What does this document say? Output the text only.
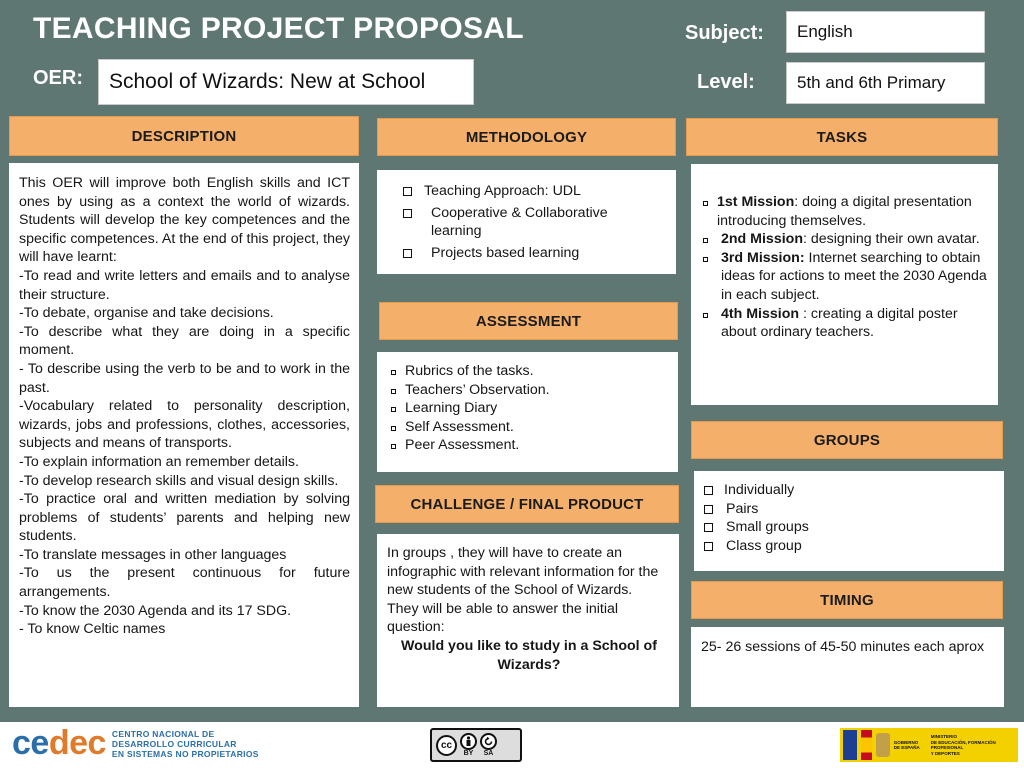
TEACHING PROJECT PROPOSAL
OER:	School of Wizards: New at School
Subject:	English
Level:	5th and 6th Primary
DESCRIPTION

This OER will improve both English skills and ICT ones by using as a context the world of wizards. Students will develop the key competences and the specific competences. At the end of this project, they will have learnt:

-To read and write letters and emails and to analyse their structure.

-To debate, organise and take decisions.

-To describe what they are doing in a specific moment.

- To describe using the verb to be and to work in the past.

-Vocabulary related to personality description, wizards, jobs and professions, clothes, accessories, subjects and means of transports.

-To explain information an remember details.

-To develop research skills and visual design skills.

-To practice oral and written mediation by solving problems of students’ parents and helping new students.

-To translate messages in other languages

-To us the present continuous for future arrangements.

-To know the 2030 Agenda and its 17 SDG.

- To know Celtic names

METHODOLOGY
Teaching Approach: UDL
Cooperative & Collaborative learning
Projects based learning
ASSESSMENT
Rubrics of the tasks.
Teachers’ Observation.
Learning Diary
Self Assessment.
Peer Assessment.
CHALLENGE / FINAL PRODUCT
In groups , they will have to create an infographic with relevant information for the new students of the School of Wizards.
They will be able to answer the initial question:
Would you like to study in a School of Wizards?
TASKS
1st Mission: doing a digital presentation introducing themselves.
2nd Mission: designing their own avatar.
3rd Mission: Internet searching to obtain ideas for actions to meet the 2030 Agenda in each subject.
4th Mission : creating a digital poster about ordinary teachers.
GROUPS
Individually
Pairs
Small groups
Class group
TIMING
25- 26 sessions of 45-50 minutes each aprox
cedec CENTRO NACIONAL DE
DESARROLLO CURRICULAR
EN SISTEMAS NO PROPIETARIOS
cc
BY SA
GOBIERNO
DE ESPAÑA
MINISTERIO
DE EDUCACIÓN, FORMACIÓN PROFESIONAL
Y DEPORTES
